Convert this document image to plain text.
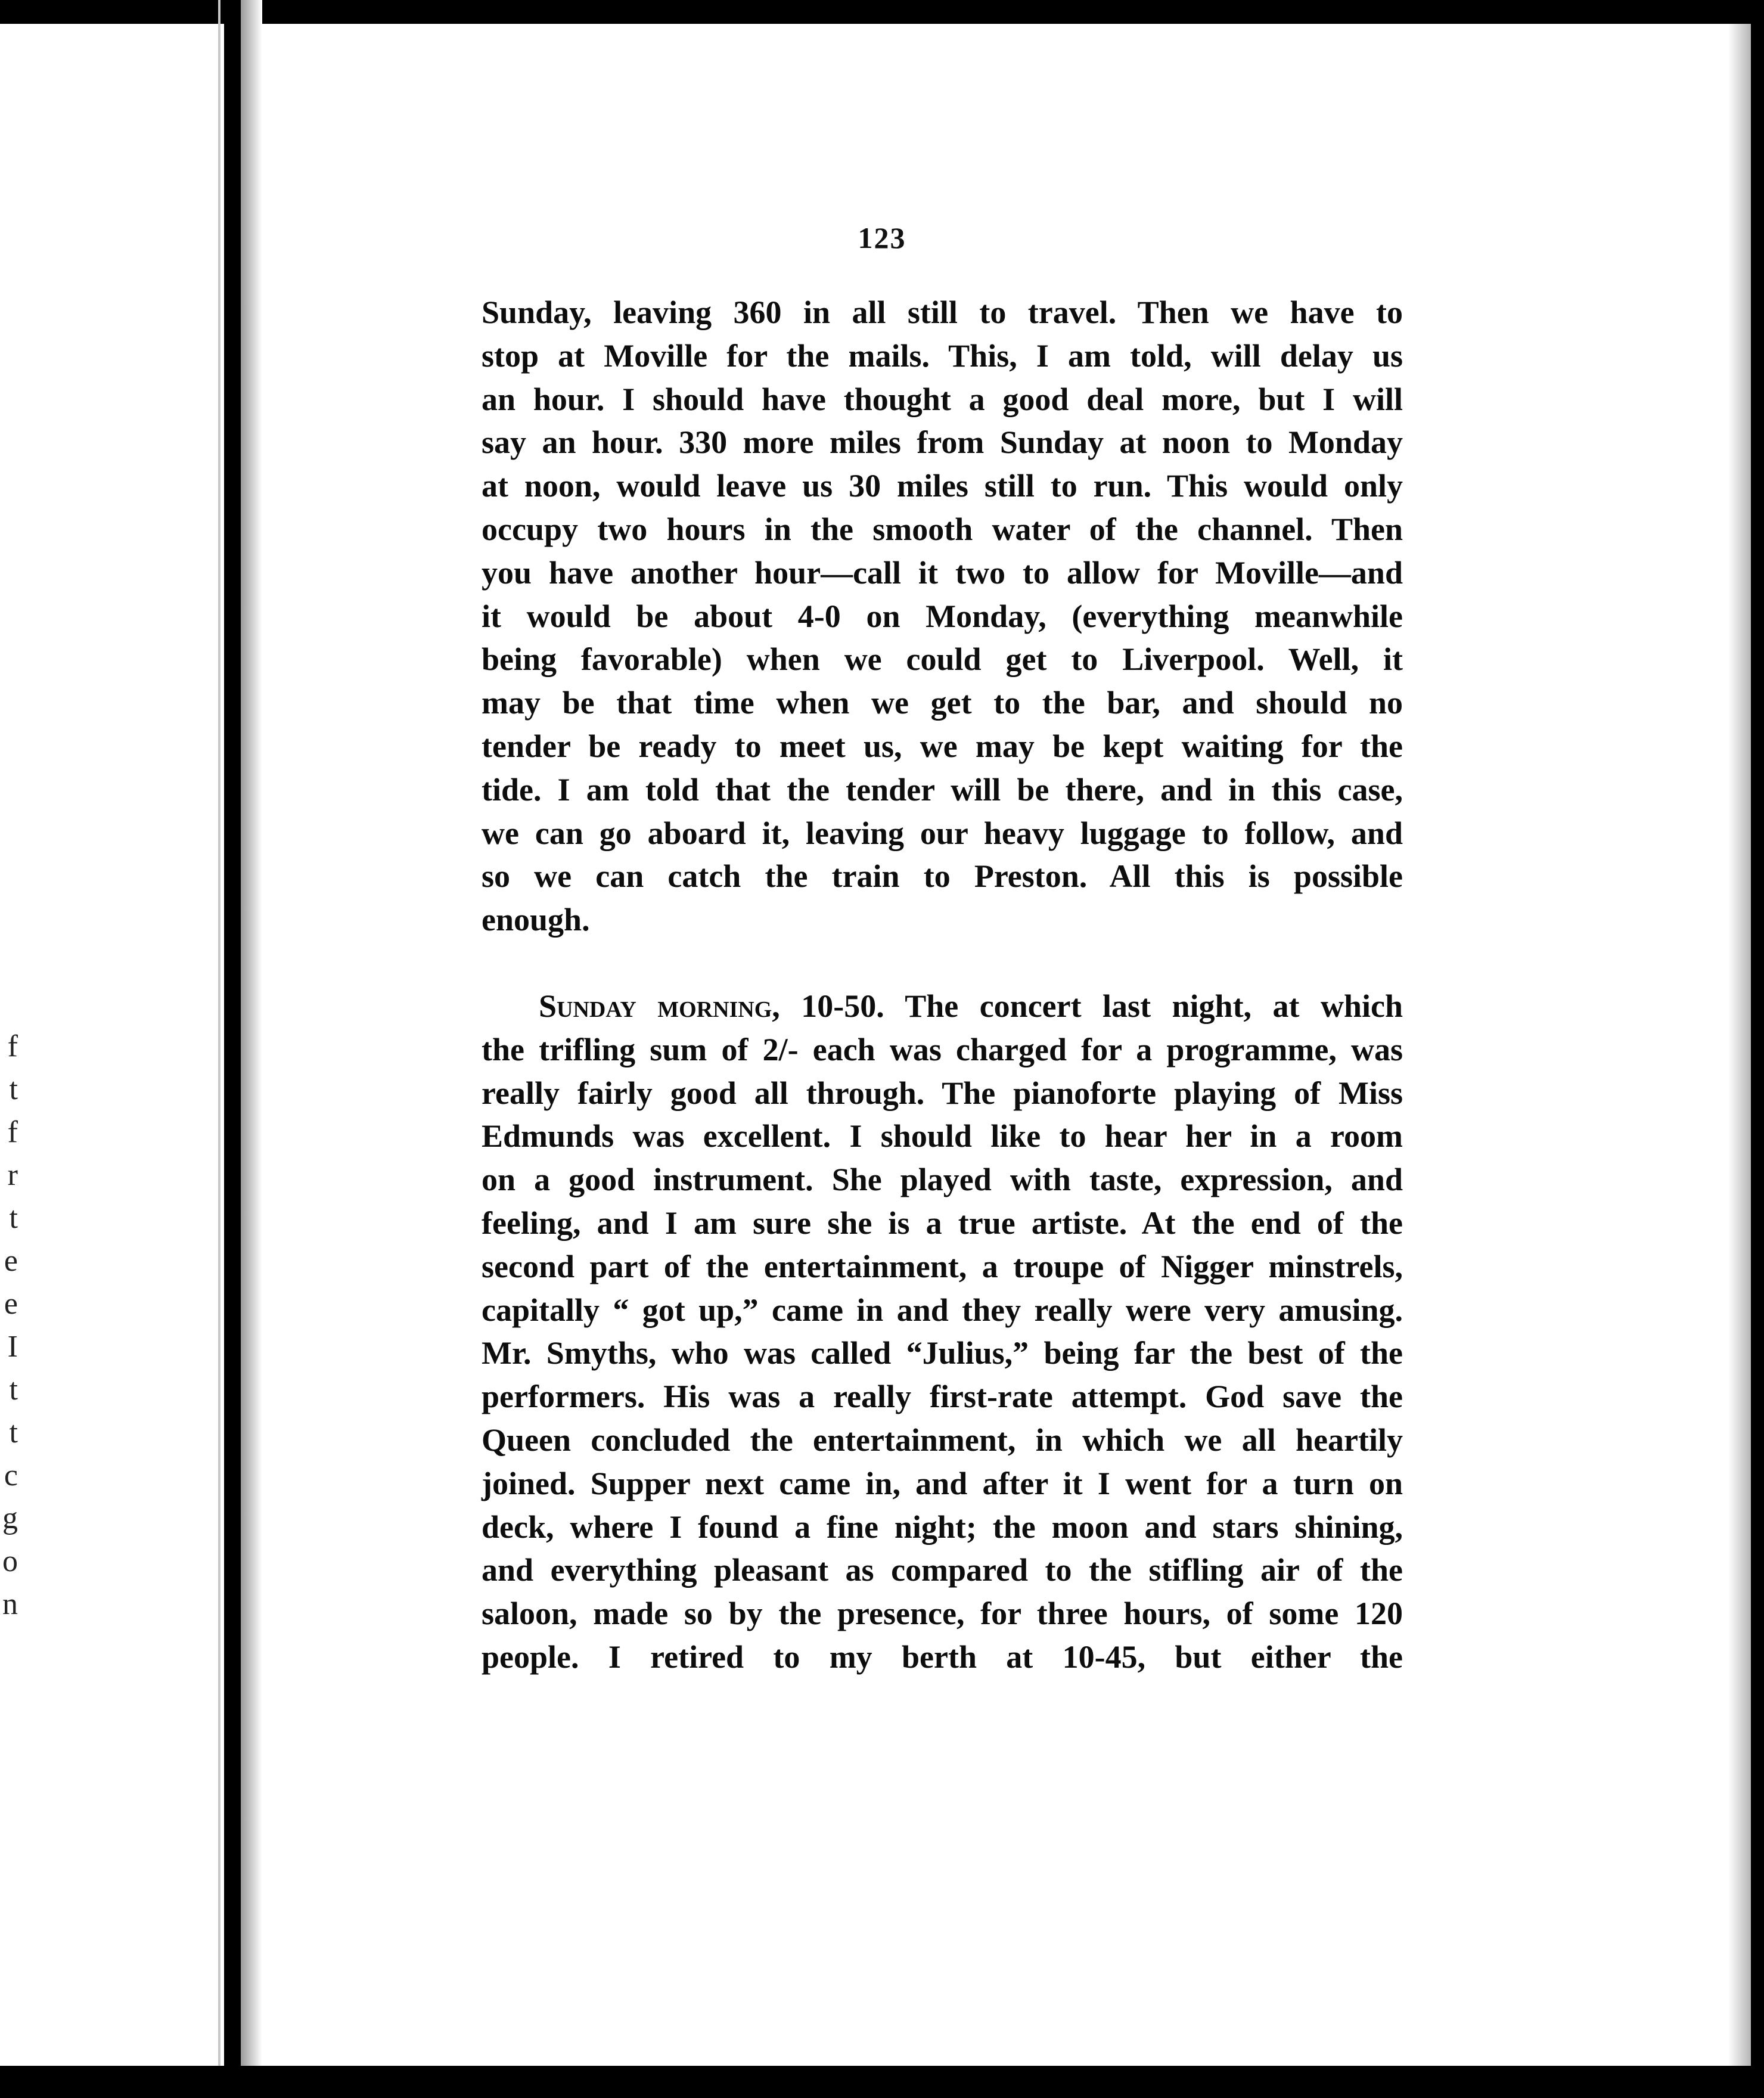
f
t
f
r
t
e
e
I
t
t
c
g
o
n
123
Sunday, leaving 360 in all still to travel. Then we have to
stop at Moville for the mails. This, I am told, will delay us
an hour. I should have thought a good deal more, but I will
say an hour. 330 more miles from Sunday at noon to Monday
at noon, would leave us 30 miles still to run. This would only
occupy two hours in the smooth water of the channel. Then
you have another hour—call it two to allow for Moville—and
it would be about 4-0 on Monday, (everything meanwhile
being favorable) when we could get to Liverpool. Well, it
may be that time when we get to the bar, and should no
tender be ready to meet us, we may be kept waiting for the
tide. I am told that the tender will be there, and in this case,
we can go aboard it, leaving our heavy luggage to follow, and
so we can catch the train to Preston. All this is possible
enough.
Sunday morning, 10-50. The concert last night, at which
the trifling sum of 2/- each was charged for a programme, was
really fairly good all through. The pianoforte playing of Miss
Edmunds was excellent. I should like to hear her in a room
on a good instrument. She played with taste, expression, and
feeling, and I am sure she is a true artiste. At the end of the
second part of the entertainment, a troupe of Nigger minstrels,
capitally “ got up,” came in and they really were very amusing.
Mr. Smyths, who was called “Julius,” being far the best of the
performers. His was a really first-rate attempt. God save the
Queen concluded the entertainment, in which we all heartily
joined. Supper next came in, and after it I went for a turn on
deck, where I found a fine night; the moon and stars shining,
and everything pleasant as compared to the stifling air of the
saloon, made so by the presence, for three hours, of some 120
people. I retired to my berth at 10-45, but either the
